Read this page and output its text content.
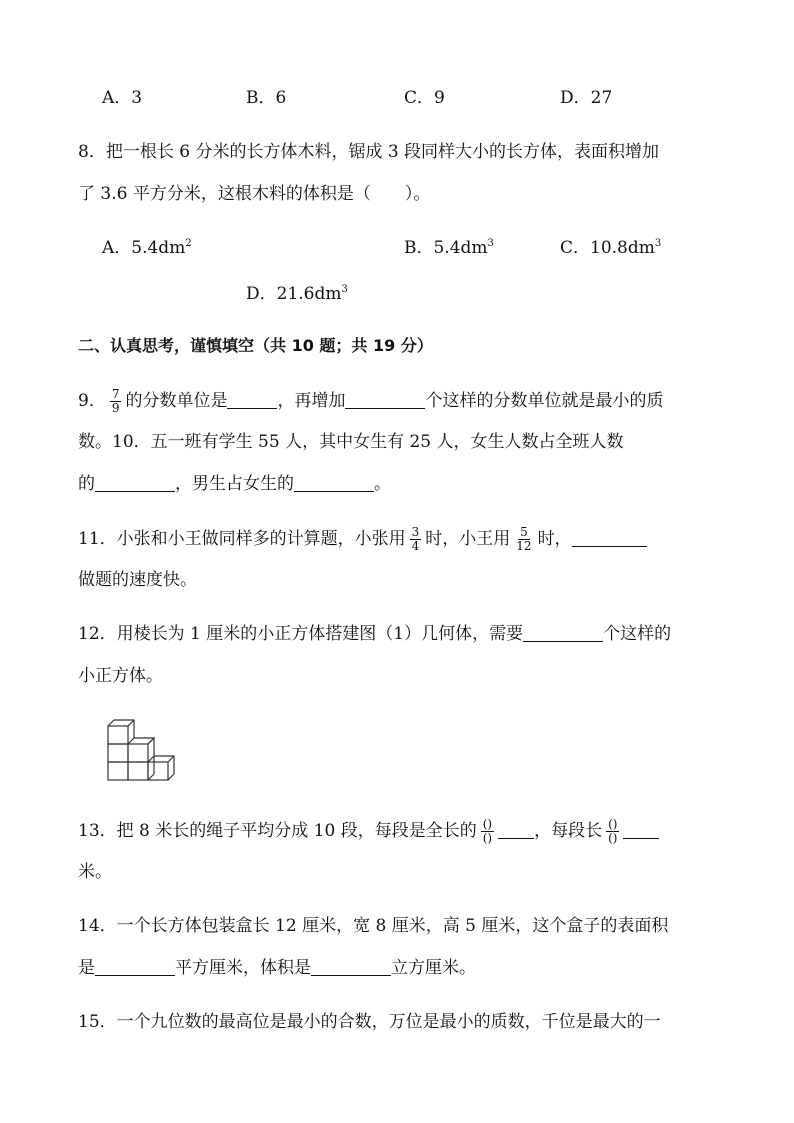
A．3	B．6	C．9	D．27
8．把一根长 6 分米的长方体木料，锯成 3 段同样大小的长方体，表面积增加
了 3.6 平方分米，这根木料的体积是（　　）。
A．$5.4dm^2$	B．$5.4dm^3$	C．$10.8dm^3$
D．$21.6dm^3$
二、认真思考，谨慎填空（共 10 题；共 19 分）
9． $\frac{7}{9}$ 的分数单位是	，再增加	个这样的分数单位就是最小的质
数。10．五一班有学生 55 人，其中女生有 25 人，女生人数占全班人数
的	，男生占女生的	。
11．小张和小王做同样多的计算题，小张用 $\frac{3}{4}$ 时，小王用 $\frac{5}{12}$ 时，
做题的速度快。
12．用棱长为 1 厘米的小正方体搭建图（1）几何体，需要	个这样的
小正方体。
13．把 8 米长的绳子平均分成 10 段，每段是全长的 $\frac{()}{()}$ ，每段长 $\frac{()}{()}$
米。
14．一个长方体包装盒长 12 厘米，宽 8 厘米，高 5 厘米，这个盒子的表面积
是	平方厘米，体积是	立方厘米。
15．一个九位数的最高位是最小的合数，万位是最小的质数，千位是最大的一
